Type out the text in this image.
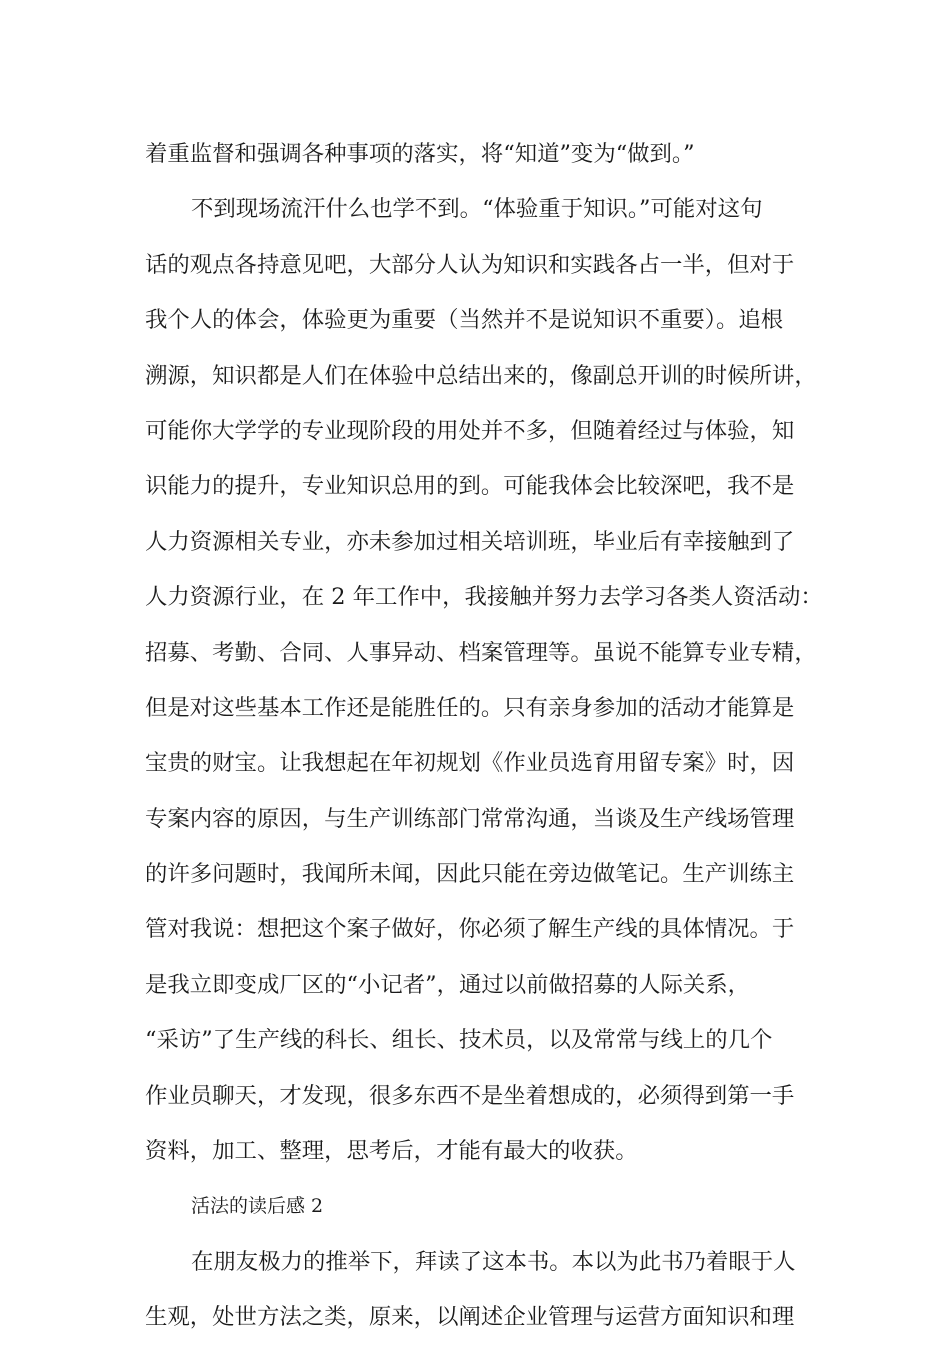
着重监督和强调各种事项的落实，将“知道”变为“做到。”
不到现场流汗什么也学不到。“体验重于知识。”可能对这句
话的观点各持意见吧，大部分人认为知识和实践各占一半，但对于
我个人的体会，体验更为重要（当然并不是说知识不重要）。追根
溯源，知识都是人们在体验中总结出来的，像副总开训的时候所讲，
可能你大学学的专业现阶段的用处并不多，但随着经过与体验，知
识能力的提升，专业知识总用的到。可能我体会比较深吧，我不是
人力资源相关专业，亦未参加过相关培训班，毕业后有幸接触到了
人力资源行业，在 2 年工作中，我接触并努力去学习各类人资活动：
招募、考勤、合同、人事异动、档案管理等。虽说不能算专业专精，
但是对这些基本工作还是能胜任的。只有亲身参加的活动才能算是
宝贵的财宝。让我想起在年初规划《作业员选育用留专案》时，因
专案内容的原因，与生产训练部门常常沟通，当谈及生产线场管理
的许多问题时，我闻所未闻，因此只能在旁边做笔记。生产训练主
管对我说：想把这个案子做好，你必须了解生产线的具体情况。于
是我立即变成厂区的“小记者”，通过以前做招募的人际关系，
“采访”了生产线的科长、组长、技术员，以及常常与线上的几个
作业员聊天，才发现，很多东西不是坐着想成的，必须得到第一手
资料，加工、整理，思考后，才能有最大的收获。
活法的读后感 2
在朋友极力的推举下，拜读了这本书。本以为此书乃着眼于人
生观，处世方法之类，原来，以阐述企业管理与运营方面知识和理
